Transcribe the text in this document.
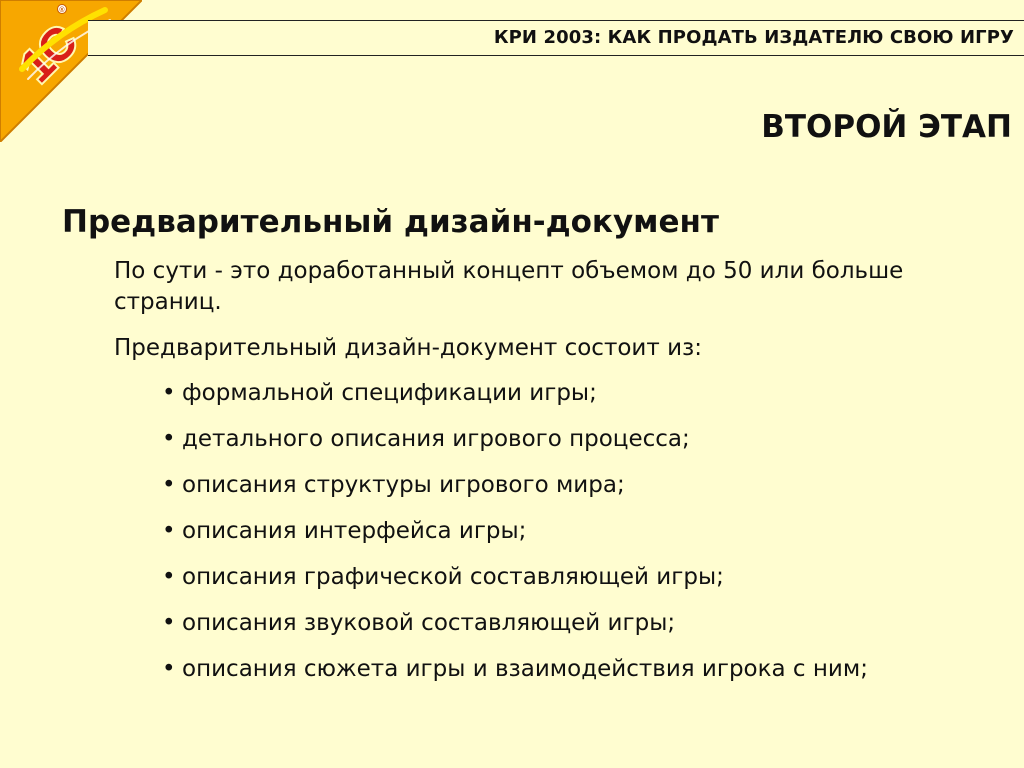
®
1С	КРИ 2003: КАК ПРОДАТЬ ИЗДАТЕЛЮ СВОЮ ИГРУ
ВТОРОЙ ЭТАП
Предварительный дизайн-документ
По сути - это доработанный концепт объемом до 50 или больше страниц.
Предварительный дизайн-документ состоит из:
• формальной спецификации игры;
• детального описания игрового процесса;
• описания структуры игрового мира;
• описания интерфейса игры;
• описания графической составляющей игры;
• описания звуковой составляющей игры;
• описания сюжета игры и взаимодействия игрока с ним;
